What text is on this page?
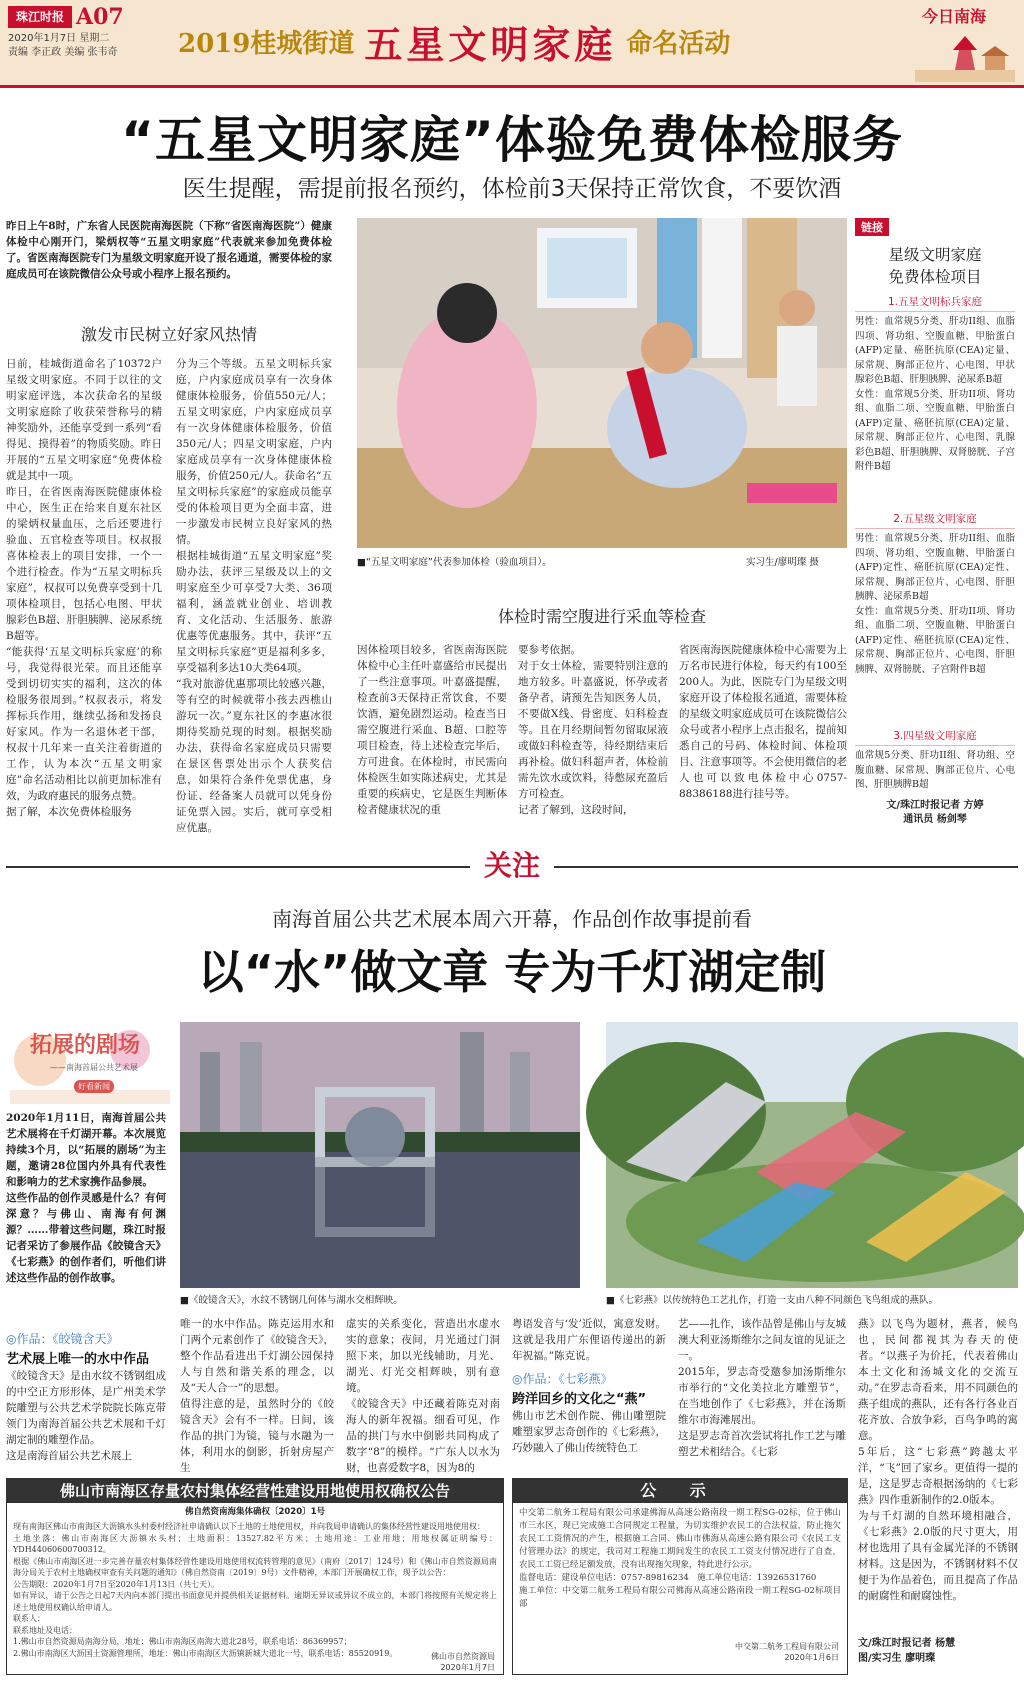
珠江时报 A07
2020年1月7日 星期二
责编 李正政 美编 张韦奇 2019桂城街道 五星文明家庭 命名活动
今日南海
“五星文明家庭”体验免费体检服务
医生提醒，需提前报名预约，体检前3天保持正常饮食，不要饮酒
昨日上午8时，广东省人民医院南海医院（下称“省医南海医院”）健康体检中心刚开门，梁炳权等“五星文明家庭”代表就来参加免费体检了。省医南海医院专门为星级文明家庭开设了报名通道，需要体检的家庭成员可在该院微信公众号或小程序上报名预约。
激发市民树立好家风热情
日前，桂城街道命名了10372户星级文明家庭。不同于以往的文明家庭评选，本次获命名的星级文明家庭除了收获荣誉称号的精神奖励外，还能享受到一系列“看得见、摸得着”的物质奖励。昨日开展的“五星文明家庭”免费体检就是其中一项。
昨日，在省医南海医院健康体检中心，医生正在给来自夏东社区的梁炳权量血压，之后还要进行验血、五官检查等项目。权叔报喜体检表上的项目安排，一个一个进行检查。作为“五星文明标兵家庭”，权叔可以免费享受到十几项体检项目，包括心电图、甲状腺彩色B超、肝胆胰脾、泌尿系统B超等。
“能获得‘五星文明标兵家庭’的称号，我觉得很光荣。而且还能享受到切切实实的福利，这次的体检服务很周到。”权叔表示，将发挥标兵作用，继续弘扬和发扬良好家风。作为一名退休老干部，权叔十几年来一直关注着街道的工作，认为本次“五星文明家庭”命名活动相比以前更加标准有效，为政府惠民的服务点赞。
据了解，本次免费体检服务
分为三个等级。五星文明标兵家庭，户内家庭成员享有一次身体健康体检服务，价值550元/人；五星文明家庭，户内家庭成员享有一次身体健康体检服务，价值350元/人；四星文明家庭，户内家庭成员享有一次身体健康体检服务，价值250元/人。获命名“五星文明标兵家庭”的家庭成员能享受的体检项目更为全面丰富，进一步激发市民树立良好家风的热情。
根据桂城街道“五星文明家庭”奖励办法，获评三星级及以上的文明家庭至少可享受7大类、36项福利，涵盖就业创业、培训教育、文化活动、生活服务、旅游优惠等优惠服务。其中，获评“五星文明标兵家庭”更是福利多多，享受福利多达10大类64项。
“我对旅游优惠那项比较感兴趣，等有空的时候就带小孩去西樵山游玩一次。”夏东社区的李惠冰很期待奖励兑现的时刻。根据奖励办法，获得命名家庭成员只需要在景区售票处出示个人获奖信息，如果符合条件免票优惠，身份证、经备案人员就可以凭身份证免票入园。实后，就可享受相应优惠。
■“五星文明家庭”代表参加体检（验血项目）。	实习生/廖明璨 摄
体检时需空腹进行采血等检查
因体检项目较多，省医南海医院体检中心主任叶嘉盛给市民提出了一些注意事项。叶嘉盛提醒，检查前3天保持正常饮食，不要饮酒，避免剧烈运动。检查当日需空腹进行采血、B超、口腔等项目检查，待上述检查完毕后，方可进食。在体检时，市民需向体检医生如实陈述病史，尤其是重要的疾病史，它是医生判断体检者健康状况的重
要参考依据。
对于女士体检，需要特别注意的地方较多。叶嘉盛说，怀孕或者备孕者，请预先告知医务人员，不要做X线、骨密度、妇科检查等。且在月经期间暂勿留取尿液或做妇科检查等，待经期结束后再补检。做妇科超声者，体检前需先饮水或饮料，待憋尿充盈后方可检查。
记者了解到，这段时间，
省医南海医院健康体检中心需要为上万名市民进行体检，每天约有100至200人。为此，医院专门为星级文明家庭开设了体检报名通道，需要体检的星级文明家庭成员可在该院微信公众号或者小程序上点击报名，提前知悉自己的号码、体检时间、体检项目、注意事项等。不会使用微信的老人也可以致电体检中心0757-88386188进行挂号等。
链接
星级文明家庭
免费体检项目
1.五星文明标兵家庭
男性：血常规5分类、肝功II组、血脂四项、肾功组、空腹血糖、甲胎蛋白(AFP)定量、癌胚抗原(CEA)定量、尿常规、胸部正位片、心电图、甲状腺彩色B超、肝胆胰脾、泌尿系B超
女性：血常规5分类、肝功II项、肾功组、血脂二项、空腹血糖、甲胎蛋白(AFP)定量、癌胚抗原(CEA)定量、尿常规、胸部正位片、心电图、乳腺彩色B超、肝胆胰脾、双肾膀胱、子宫附件B超
2.五星级文明家庭
男性：血常规5分类、肝功II组、血脂四项、肾功组、空腹血糖、甲胎蛋白(AFP)定性、癌胚抗原(CEA)定性、尿常规、胸部正位片、心电图、肝胆胰脾、泌尿系B超
女性：血常规5分类、肝功II项、肾功组、血脂二项、空腹血糖、甲胎蛋白(AFP)定性、癌胚抗原(CEA)定性、尿常规、胸部正位片、心电图、肝胆胰脾、双肾膀胱、子宫附件B超
3.四星级文明家庭
血常规5分类、肝功II组、肾功组、空腹血糖、尿常规、胸部正位片、心电图、肝胆胰脾B超
文/珠江时报记者 方婷
通讯员 杨剑琴
关注
南海首届公共艺术展本周六开幕，作品创作故事提前看
以“水”做文章 专为千灯湖定制
拓展的剧场
——南海首届公共艺术展
好看新闻
2020年1月11日，南海首届公共艺术展将在千灯湖开幕。本次展览持续3个月，以“拓展的剧场”为主题，邀请28位国内外具有代表性和影响力的艺术家携作品参展。
这些作品的创作灵感是什么？有何深意？与佛山、南海有何渊源？……带着这些问题，珠江时报记者采访了参展作品《皎镜含天》《七彩燕》的创作者们，听他们讲述这些作品的创作故事。
■《皎镜含天》，水纹不锈钢几何体与湖水交相辉映。	■《七彩燕》以传统特色工艺扎作，打造一支由八种不同颜色飞鸟组成的燕队。
◎作品：《皎镜含天》
艺术展上唯一的水中作品
《皎镜含天》是由水纹不锈钢组成的中空正方形形体，是广州美术学院雕塑与公共艺术学院院长陈克带领门为南海首届公共艺术展和千灯湖定制的雕塑作品。
这是南海首届公共艺术展上
唯一的水中作品。陈克运用水和门两个元素创作了《皎镜含天》，整个作品看进出千灯湖公园保持人与自然和谐关系的理念，以及“天人合一”的思想。
值得注意的是，虽然时分的《皎镜含天》会有不一样。日间，该作品的拱门为镜，镜与水融为一体，利用水的倒影，折射房屋产生
虚实的关系变化，营造出水虚水实的意象；夜间，月光通过门洞照下来，加以光线辅助，月光、湖光、灯光交相辉映，别有意境。
《皎镜含天》中还藏着陈克对南海人的新年祝福。细看可见，作品的拱门与水中倒影共同构成了数字“8”的模样。“广东人以水为财，也喜爱数字8，因为8的
粤语发音与‘发’近似，寓意发财。这就是我用广东俚语传递出的新年祝福。”陈克说。
◎作品：《七彩燕》
跨洋回乡的文化之“燕”
佛山市艺术创作院、佛山雕塑院雕塑家罗志奇创作的《七彩燕》，巧妙融入了佛山传统特色工
艺——扎作，该作品曾是佛山与友城澳大利亚汤斯维尔之间友谊的见证之一。
2015年，罗志奇受邀参加汤斯维尔市举行的“文化美拉北方雕塑节”，在当地创作了《七彩燕》，并在汤斯维尔市海滩展出。
这是罗志奇首次尝试将扎作工艺与雕塑艺术相结合。《七彩
燕》以飞鸟为题材，燕者，候鸟也，民间都视其为春天的使者。“以燕子为价托，代表着佛山本土文化和汤城文化的交流互动。”在罗志奇看来，用不同颜色的燕子组成的燕队，还有各行各业百花齐放、合放争彩，百鸟争鸣的寓意。
5年后，这“七彩燕”跨越太平洋，“飞”回了家乡。更值得一提的是，这是罗志奇根据汤纳的《七彩燕》四作重新制作的2.0版本。
为与千灯湖的自然环境相融合，《七彩燕》2.0版的尺寸更大，用材也选用了具有金属光泽的不锈钢材料。这是因为，不锈钢材料不仅便于为作品着色，而且提高了作品的耐腐性和耐腐蚀性。
文/珠江时报记者 杨慧
图/实习生 廖明璨
佛山市南海区存量农村集体经营性建设用地使用权确权公告
佛自然资南海集体确权〔2020〕1号
现有南海区佛山市南海区大沥镇水头村委村经济社申请确认以下土地的土地使用权，并向我局申请确认的集体经营性建设用地使用权：
土地坐落：佛山市南海区大沥镇水头村；土地面积：13527.82平方米；土地用途：工业用地；用地权属证明编号：YDH44060600700312。
根据《佛山市南海区进一步完善存量农村集体经营性建设用地使用权流转管理的意见》（南府〔2017〕124号）和《佛山市自然资源局南海分局关于农村土地确权审查有关问题的通知》（佛自然资南〔2019〕9号）文件精神，本部门开展确权工作，现予以公告：
公告期限：2020年1月7日至2020年1月13日（共七天）。
如有异议，请于公告之日起7天内向本部门提出书面意见并提供相关证据材料。逾期无异议或异议不成立的，本部门将按照有关规定将上述土地使用权确认给申请人。
联系人：
联系地址及电话：
1.佛山市自然资源局南海分局，地址：佛山市南海区南海大道北28号，联系电话：86369957；
2.佛山市南海区大沥国土资源管理所，地址：佛山市南海区大沥镇新城大道北一号，联系电话：85520919。	佛山市自然资源局
2020年1月7日
公 示
中交第二航务工程局有限公司承建佛海从高速公路南段一期工程SG-02标，位于佛山市三水区，现已完成施工合同规定工程量，为切实维护农民工的合法权益，防止拖欠农民工工资情况的产生，根据施工合同、佛山市佛海从高速公路有限公司《农民工支付管理办法》的规定，我司对工程施工期间发生的农民工工资支付情况进行了自查，农民工工资已经足额发放，没有出现拖欠现象，特此进行公示。
监督电话：建设单位电话：0757-89816234　施工单位电话：13926531760
施工单位：中交第二航务工程局有限公司佛海从高速公路南段一期工程SG-02标项目部
中交第二航务工程局有限公司
2020年1月6日
